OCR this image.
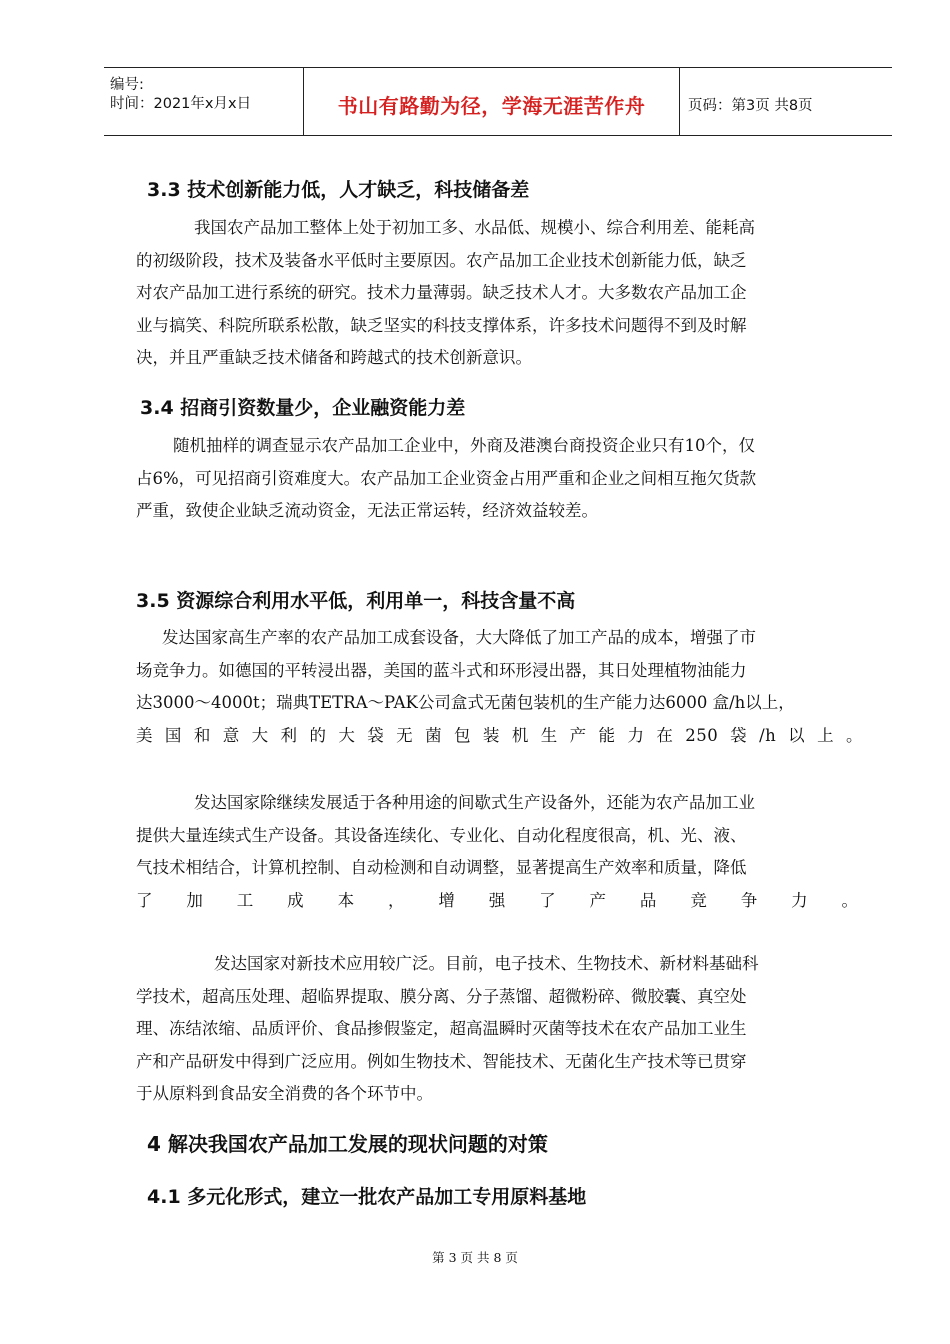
编号:
时间：2021年x月x日	书山有路勤为径，学海无涯苦作舟	页码：第3页 共8页
3.3 技术创新能力低，人才缺乏，科技储备差
我国农产品加工整体上处于初加工多、水品低、规模小、综合利用差、能耗高
的初级阶段，技术及装备水平低时主要原因。农产品加工企业技术创新能力低，缺乏
对农产品加工进行系统的研究。技术力量薄弱。缺乏技术人才。大多数农产品加工企
业与搞笑、科院所联系松散，缺乏坚实的科技支撑体系，许多技术问题得不到及时解
决，并且严重缺乏技术储备和跨越式的技术创新意识。
3.4 招商引资数量少，企业融资能力差
随机抽样的调查显示农产品加工企业中，外商及港澳台商投资企业只有10个，仅
占6%，可见招商引资难度大。农产品加工企业资金占用严重和企业之间相互拖欠货款
严重，致使企业缺乏流动资金，无法正常运转，经济效益较差。
3.5 资源综合利用水平低，利用单一，科技含量不高
发达国家高生产率的农产品加工成套设备，大大降低了加工产品的成本，增强了市
场竞争力。如德国的平转浸出器，美国的蓝斗式和环形浸出器，其日处理植物油能力
达3000～4000t；瑞典TETRA～PAK公司盒式无菌包装机的生产能力达6000 盒/h以上，
美国和意大利的大袋无菌包装机生产能力在250袋/h以上。
发达国家除继续发展适于各种用途的间歇式生产设备外，还能为农产品加工业
提供大量连续式生产设备。其设备连续化、专业化、自动化程度很高，机、光、液、
气技术相结合，计算机控制、自动检测和自动调整，显著提高生产效率和质量，降低
了加工成本，增强了产品竞争力。
发达国家对新技术应用较广泛。目前，电子技术、生物技术、新材料基础科
学技术，超高压处理、超临界提取、膜分离、分子蒸馏、超微粉碎、微胶囊、真空处
理、冻结浓缩、品质评价、食品掺假鉴定，超高温瞬时灭菌等技术在农产品加工业生
产和产品研发中得到广泛应用。例如生物技术、智能技术、无菌化生产技术等已贯穿
于从原料到食品安全消费的各个环节中。
4 解决我国农产品加工发展的现状问题的对策
4.1 多元化形式，建立一批农产品加工专用原料基地
第 3 页 共 8 页
